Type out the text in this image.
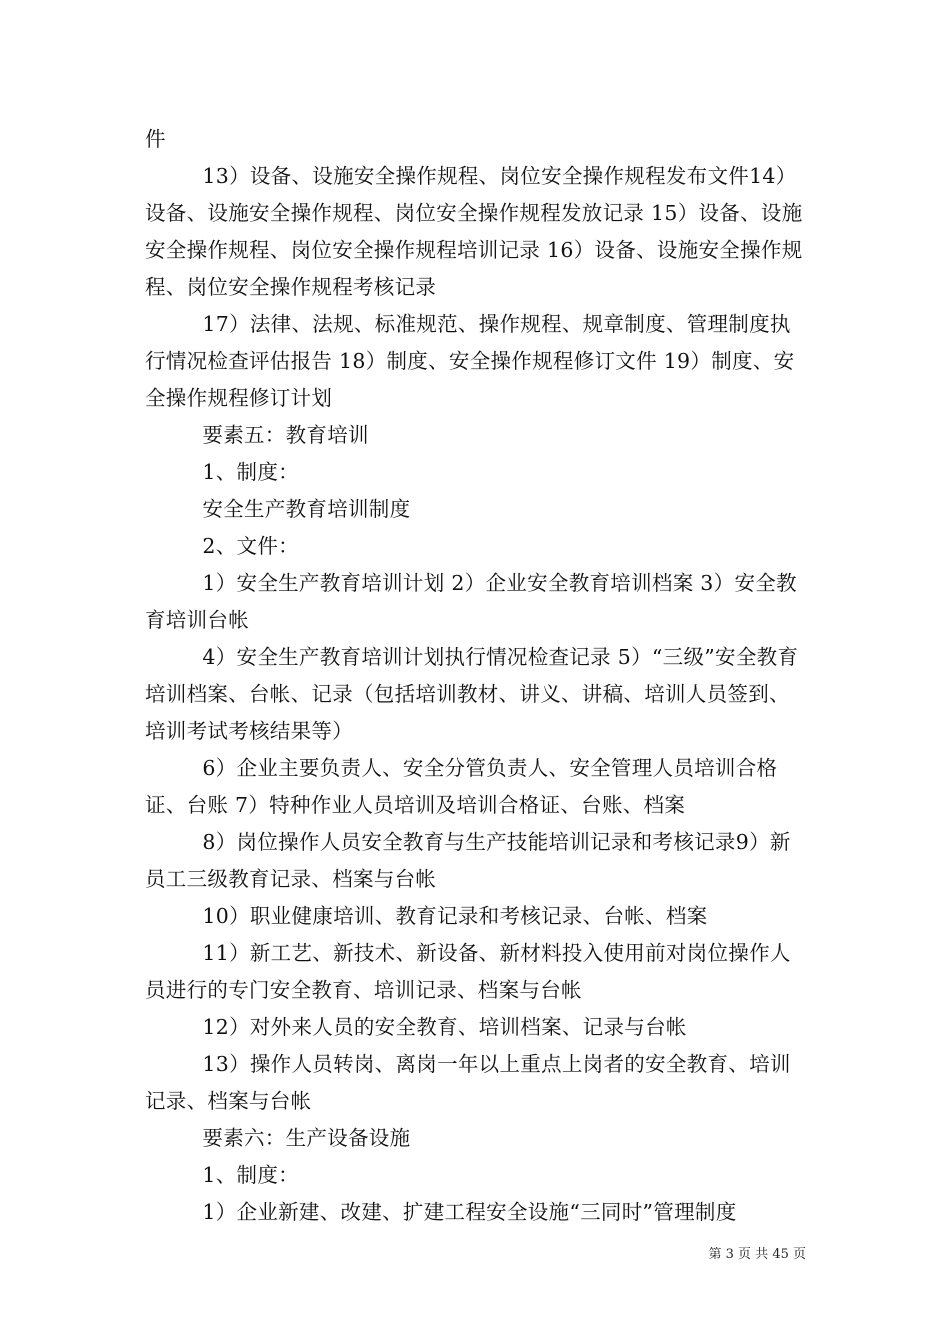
件

13）设备、设施安全操作规程、岗位安全操作规程发布文件14）设备、设施安全操作规程、岗位安全操作规程发放记录 15）设备、设施安全操作规程、岗位安全操作规程培训记录 16）设备、设施安全操作规程、岗位安全操作规程考核记录

17）法律、法规、标准规范、操作规程、规章制度、管理制度执行情况检查评估报告 18）制度、安全操作规程修订文件 19）制度、安全操作规程修订计划

要素五：教育培训

1、制度：

安全生产教育培训制度

2、文件：

1）安全生产教育培训计划 2）企业安全教育培训档案 3）安全教育培训台帐

4）安全生产教育培训计划执行情况检查记录 5）“三级”安全教育培训档案、台帐、记录（包括培训教材、讲义、讲稿、培训人员签到、培训考试考核结果等）

6）企业主要负责人、安全分管负责人、安全管理人员培训合格证、台账 7）特种作业人员培训及培训合格证、台账、档案

8）岗位操作人员安全教育与生产技能培训记录和考核记录9）新员工三级教育记录、档案与台帐

10）职业健康培训、教育记录和考核记录、台帐、档案

11）新工艺、新技术、新设备、新材料投入使用前对岗位操作人员进行的专门安全教育、培训记录、档案与台帐

12）对外来人员的安全教育、培训档案、记录与台帐

13）操作人员转岗、离岗一年以上重点上岗者的安全教育、培训记录、档案与台帐

要素六：生产设备设施

1、制度：

1）企业新建、改建、扩建工程安全设施“三同时”管理制度

第 3 页 共 45 页
